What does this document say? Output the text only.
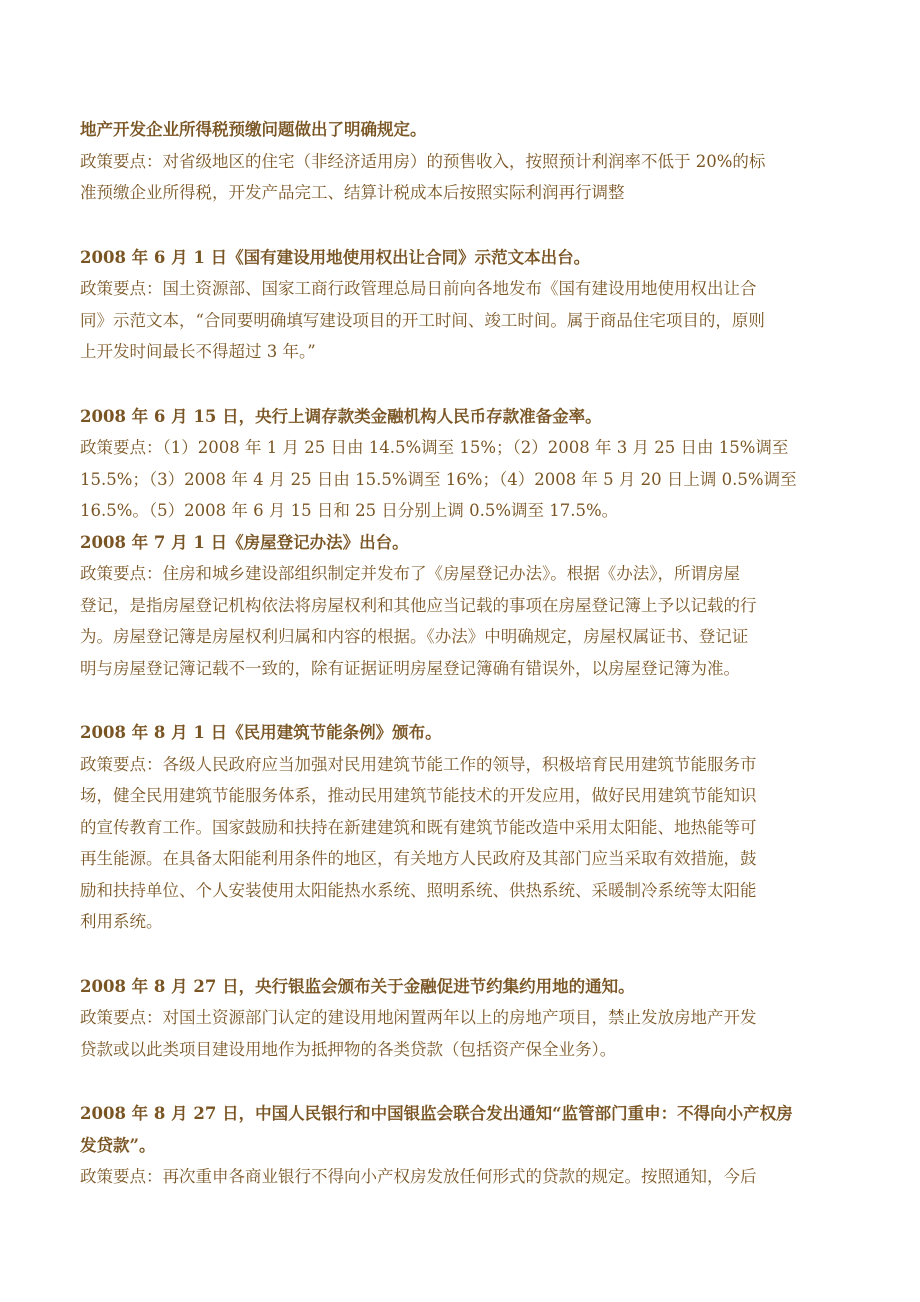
地产开发企业所得税预缴问题做出了明确规定。
政策要点：对省级地区的住宅（非经济适用房）的预售收入，按照预计利润率不低于 20%的标
准预缴企业所得税，开发产品完工、结算计税成本后按照实际利润再行调整
2008 年 6 月 1 日《国有建设用地使用权出让合同》示范文本出台。
政策要点：国土资源部、国家工商行政管理总局日前向各地发布《国有建设用地使用权出让合
同》示范文本，“合同要明确填写建设项目的开工时间、竣工时间。属于商品住宅项目的，原则
上开发时间最长不得超过 3 年。”
2008 年 6 月 15 日，央行上调存款类金融机构人民币存款准备金率。
政策要点：（1）2008 年 1 月 25 日由 14.5%调至 15%；（2）2008 年 3 月 25 日由 15%调至
15.5%；（3）2008 年 4 月 25 日由 15.5%调至 16%；（4）2008 年 5 月 20 日上调 0.5%调至
16.5%。（5）2008 年 6 月 15 日和 25 日分别上调 0.5%调至 17.5%。
2008 年 7 月 1 日《房屋登记办法》出台。
政策要点：住房和城乡建设部组织制定并发布了《房屋登记办法》。根据《办法》，所谓房屋
登记，是指房屋登记机构依法将房屋权利和其他应当记载的事项在房屋登记簿上予以记载的行
为。房屋登记簿是房屋权利归属和内容的根据。《办法》中明确规定，房屋权属证书、登记证
明与房屋登记簿记载不一致的，除有证据证明房屋登记簿确有错误外，以房屋登记簿为准。
2008 年 8 月 1 日《民用建筑节能条例》颁布。
政策要点：各级人民政府应当加强对民用建筑节能工作的领导，积极培育民用建筑节能服务市
场，健全民用建筑节能服务体系，推动民用建筑节能技术的开发应用，做好民用建筑节能知识
的宣传教育工作。国家鼓励和扶持在新建建筑和既有建筑节能改造中采用太阳能、地热能等可
再生能源。在具备太阳能利用条件的地区，有关地方人民政府及其部门应当采取有效措施，鼓
励和扶持单位、个人安装使用太阳能热水系统、照明系统、供热系统、采暖制冷系统等太阳能
利用系统。
2008 年 8 月 27 日，央行银监会颁布关于金融促进节约集约用地的通知。
政策要点：对国土资源部门认定的建设用地闲置两年以上的房地产项目，禁止发放房地产开发
贷款或以此类项目建设用地作为抵押物的各类贷款（包括资产保全业务）。
2008 年 8 月 27 日，中国人民银行和中国银监会联合发出通知“监管部门重申：不得向小产权房
发贷款”。
政策要点：再次重申各商业银行不得向小产权房发放任何形式的贷款的规定。按照通知，今后
